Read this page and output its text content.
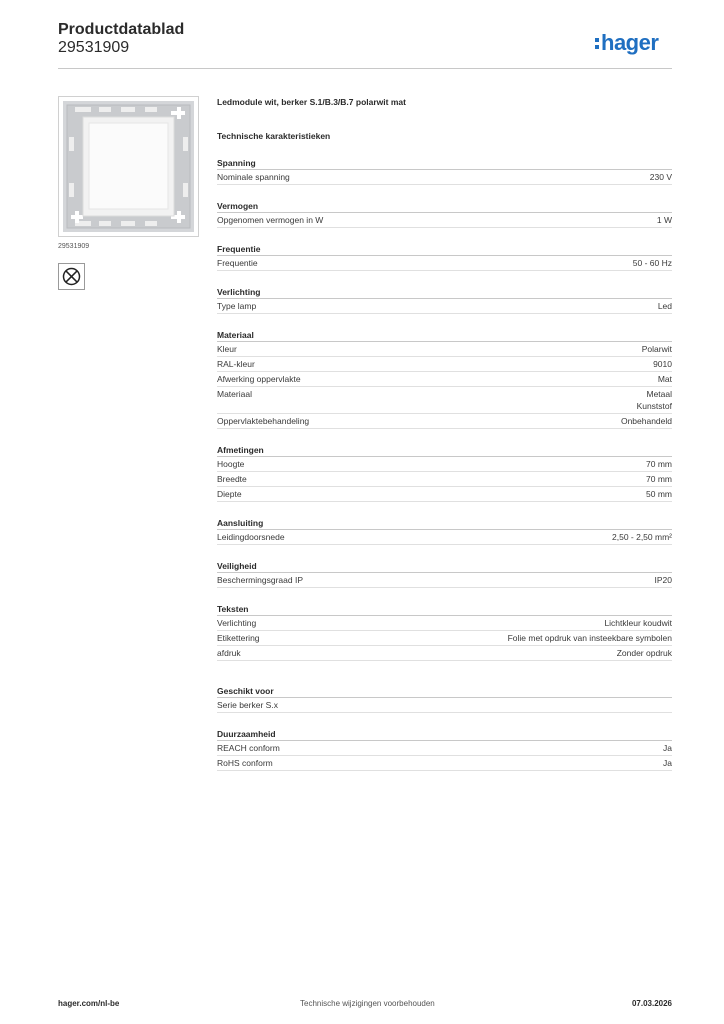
Productdatablad
29531909	hager
29531909
Ledmodule wit, berker S.1/B.3/B.7 polarwit mat
Technische karakteristieken
Spanning
Nominale spanning	230 V
Vermogen
Opgenomen vermogen in W	1 W
Frequentie
Frequentie	50 - 60 Hz
Verlichting
Type lamp	Led
Materiaal
Kleur	Polarwit
RAL-kleur	9010
Afwerking oppervlakte	Mat
Materiaal	Metaal
Kunststof
Oppervlaktebehandeling	Onbehandeld
Afmetingen
Hoogte	70 mm
Breedte	70 mm
Diepte	50 mm
Aansluiting
Leidingdoorsnede	2,50 - 2,50 mm²
Veiligheid
Beschermingsgraad IP	IP20
Teksten
Verlichting	Lichtkleur koudwit
Etikettering	Folie met opdruk van insteekbare symbolen
afdruk	Zonder opdruk
Geschikt voor
Serie berker S.x
Duurzaamheid
REACH conform	Ja
RoHS conform	Ja
hager.com/nl-be	Technische wijzigingen voorbehouden	07.03.2026
